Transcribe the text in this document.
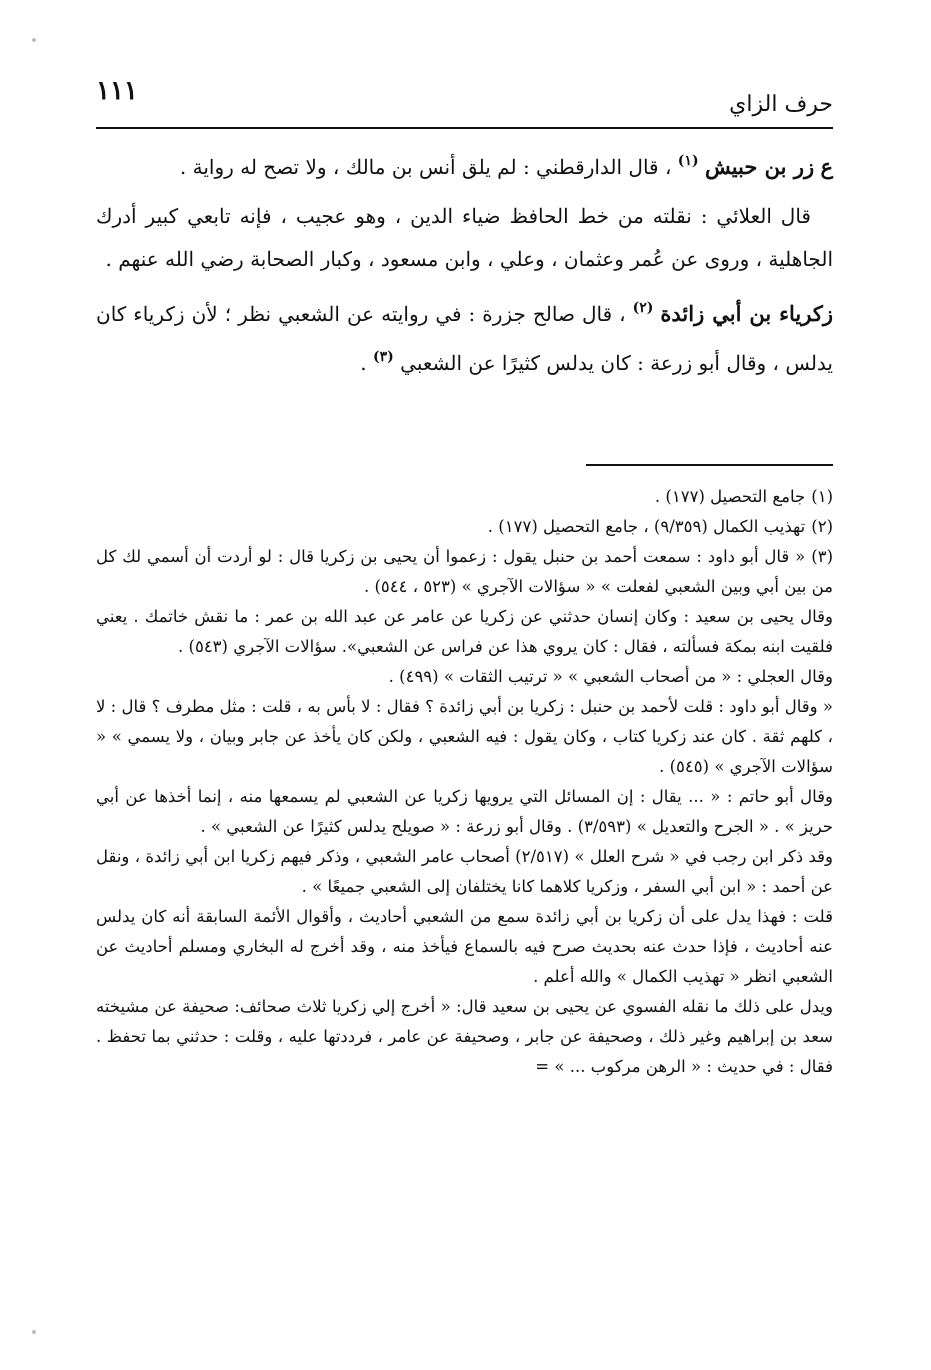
١١١	حرف الزاي

ع زر بن حبيش $^{(١)}$ ، قال الدارقطني : لم يلق أنس بن مالك ، ولا تصح له رواية .

قال العلائي : نقلته من خط الحافظ ضياء الدين ، وهو عجيب ، فإنه تابعي كبير أدرك الجاهلية ، وروى عن عُمر وعثمان ، وعلي ، وابن مسعود ، وكبار الصحابة رضي الله عنهم .

زكرياء بن أبي زائدة $^{(٢)}$ ، قال صالح جزرة : في روايته عن الشعبي نظر ؛ لأن زكرياء كان يدلس ، وقال أبو زرعة : كان يدلس كثيرًا عن الشعبي $^{(٣)}$ .

(١)جامع التحصيل (١٧٧) .

(٢)تهذيب الكمال (٩/٣٥٩) ، جامع التحصيل (١٧٧) .

(٣)« قال أبو داود : سمعت أحمد بن حنبل يقول : زعموا أن يحيى بن زكريا قال : لو أردت أن أسمي لك كل من بين أبي وبين الشعبي لفعلت » « سؤالات الآجري » (٥٢٣ ، ٥٤٤) .

وقال يحيى بن سعيد : وكان إنسان حدثني عن زكريا عن عامر عن عبد الله بن عمر : ما نقش خاتمك . يعني فلقيت ابنه بمكة فسألته ، فقال : كان يروي هذا عن فراس عن الشعبي». سؤالات الآجري (٥٤٣) .

وقال العجلي : « من أصحاب الشعبي » « ترتيب الثقات » (٤٩٩) .

« وقال أبو داود : قلت لأحمد بن حنبل : زكريا بن أبي زائدة ؟ فقال : لا بأس به ، قلت : مثل مطرف ؟ قال : لا ، كلهم ثقة . كان عند زكريا كتاب ، وكان يقول : فيه الشعبي ، ولكن كان يأخذ عن جابر وبيان ، ولا يسمي » « سؤالات الآجري » (٥٤٥) .

وقال أبو حاتم : « ... يقال : إن المسائل التي يرويها زكريا عن الشعبي لم يسمعها منه ، إنما أخذها عن أبي حريز » . « الجرح والتعديل » (٣/٥٩٣) . وقال أبو زرعة : « صويلح يدلس كثيرًا عن الشعبي » .

وقد ذكر ابن رجب في « شرح العلل » (٢/٥١٧) أصحاب عامر الشعبي ، وذكر فيهم زكريا ابن أبي زائدة ، ونقل عن أحمد : « ابن أبي السفر ، وزكريا كلاهما كانا يختلفان إلى الشعبي جميعًا » .

قلت : فهذا يدل على أن زكريا بن أبي زائدة سمع من الشعبي أحاديث ، وأقوال الأئمة السابقة أنه كان يدلس عنه أحاديث ، فإذا حدث عنه بحديث صرح فيه بالسماع فيأخذ منه ، وقد أخرج له البخاري ومسلم أحاديث عن الشعبي انظر « تهذيب الكمال » والله أعلم .

ويدل على ذلك ما نقله الفسوي عن يحيى بن سعيد قال: « أخرج إلي زكريا ثلاث صحائف: صحيفة عن مشيخته سعد بن إبراهيم وغير ذلك ، وصحيفة عن جابر ، وصحيفة عن عامر ، فرددتها عليه ، وقلت : حدثني بما تحفظ . فقال : في حديث : « الرهن مركوب ... » =
